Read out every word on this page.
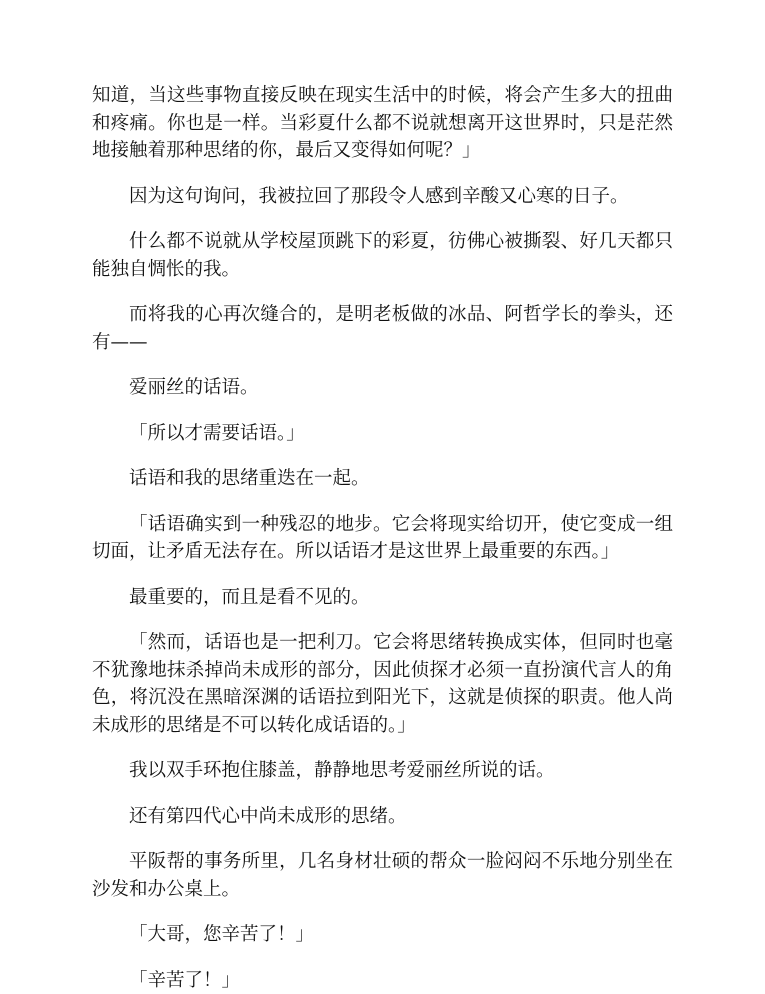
知道，当这些事物直接反映在现实生活中的时候，将会产生多大的扭曲和疼痛。你也是一样。当彩夏什么都不说就想离开这世界时，只是茫然地接触着那种思绪的你，最后又变得如何呢？」

因为这句询问，我被拉回了那段令人感到辛酸又心寒的日子。

什么都不说就从学校屋顶跳下的彩夏，彷佛心被撕裂、好几天都只能独自惆怅的我。

而将我的心再次缝合的，是明老板做的冰品、阿哲学长的拳头，还有——

爱丽丝的话语。

「所以才需要话语。」

话语和我的思绪重迭在一起。

「话语确实到一种残忍的地步。它会将现实给切开，使它变成一组切面，让矛盾无法存在。所以话语才是这世界上最重要的东西。」

最重要的，而且是看不见的。

「然而，话语也是一把利刀。它会将思绪转换成实体，但同时也毫不犹豫地抹杀掉尚未成形的部分，因此侦探才必须一直扮演代言人的角色，将沉没在黑暗深渊的话语拉到阳光下，这就是侦探的职责。他人尚未成形的思绪是不可以转化成话语的。」

我以双手环抱住膝盖，静静地思考爱丽丝所说的话。

还有第四代心中尚未成形的思绪。

平阪帮的事务所里，几名身材壮硕的帮众一脸闷闷不乐地分别坐在沙发和办公桌上。

「大哥，您辛苦了！」

「辛苦了！」
